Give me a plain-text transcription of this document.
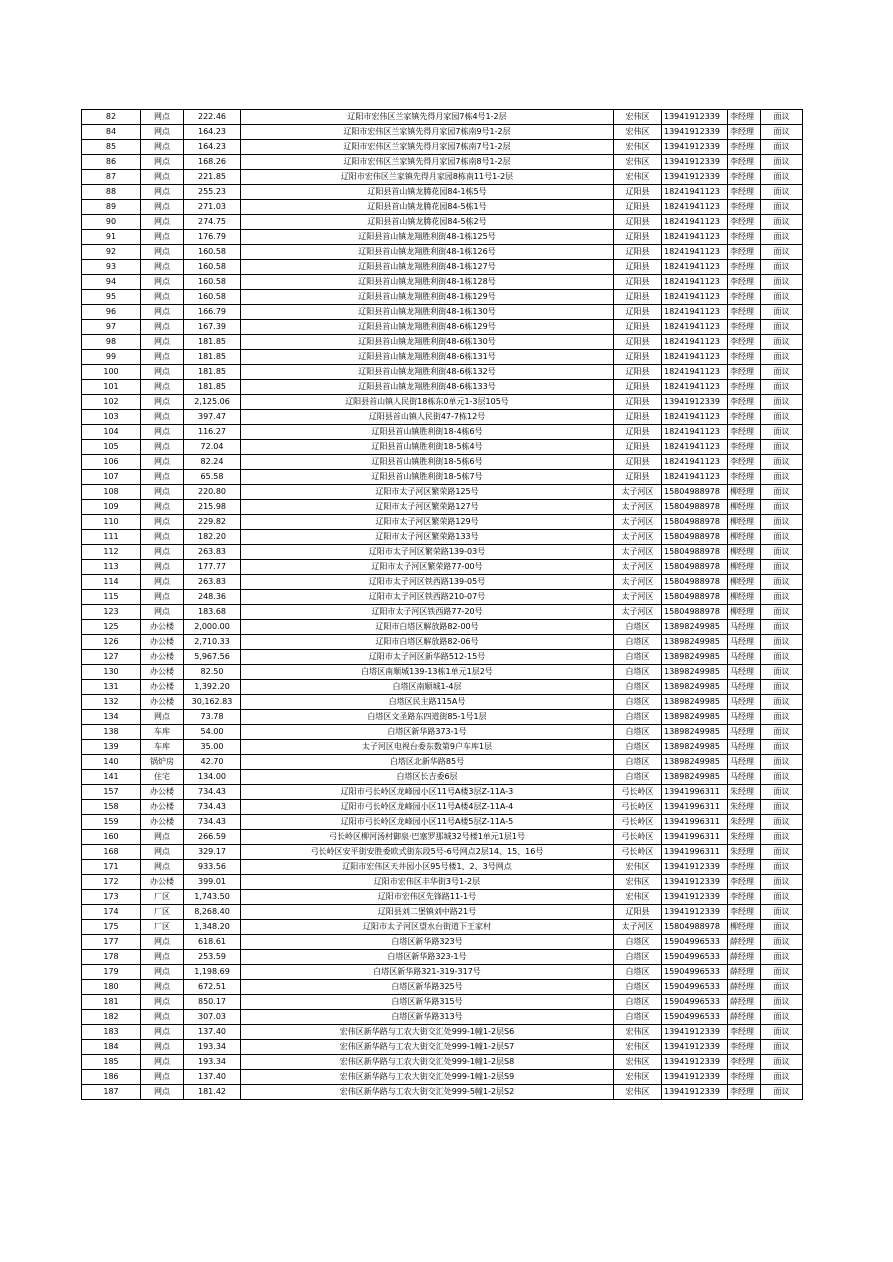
82	网点	222.46	辽阳市宏伟区兰家镇先得月家园7栋4号1-2层	宏伟区	13941912339	李经理	面议
84	网点	164.23	辽阳市宏伟区兰家镇先得月家园7栋南9号1-2层	宏伟区	13941912339	李经理	面议
85	网点	164.23	辽阳市宏伟区兰家镇先得月家园7栋南7号1-2层	宏伟区	13941912339	李经理	面议
86	网点	168.26	辽阳市宏伟区兰家镇先得月家园7栋南8号1-2层	宏伟区	13941912339	李经理	面议
87	网点	221.85	辽阳市宏伟区兰家镇先得月家园8栋南11号1-2层	宏伟区	13941912339	李经理	面议
88	网点	255.23	辽阳县首山镇龙腾花园84-1栋5号	辽阳县	18241941123	李经理	面议
89	网点	271.03	辽阳县首山镇龙腾花园84-5栋1号	辽阳县	18241941123	李经理	面议
90	网点	274.75	辽阳县首山镇龙腾花园84-5栋2号	辽阳县	18241941123	李经理	面议
91	网点	176.79	辽阳县首山镇龙翔胜利街48-1栋125号	辽阳县	18241941123	李经理	面议
92	网点	160.58	辽阳县首山镇龙翔胜利街48-1栋126号	辽阳县	18241941123	李经理	面议
93	网点	160.58	辽阳县首山镇龙翔胜利街48-1栋127号	辽阳县	18241941123	李经理	面议
94	网点	160.58	辽阳县首山镇龙翔胜利街48-1栋128号	辽阳县	18241941123	李经理	面议
95	网点	160.58	辽阳县首山镇龙翔胜利街48-1栋129号	辽阳县	18241941123	李经理	面议
96	网点	166.79	辽阳县首山镇龙翔胜利街48-1栋130号	辽阳县	18241941123	李经理	面议
97	网点	167.39	辽阳县首山镇龙翔胜利街48-6栋129号	辽阳县	18241941123	李经理	面议
98	网点	181.85	辽阳县首山镇龙翔胜利街48-6栋130号	辽阳县	18241941123	李经理	面议
99	网点	181.85	辽阳县首山镇龙翔胜利街48-6栋131号	辽阳县	18241941123	李经理	面议
100	网点	181.85	辽阳县首山镇龙翔胜利街48-6栋132号	辽阳县	18241941123	李经理	面议
101	网点	181.85	辽阳县首山镇龙翔胜利街48-6栋133号	辽阳县	18241941123	李经理	面议
102	网点	2,125.06	辽阳县首山镇人民街18栋东0单元1-3层105号	辽阳县	13941912339	李经理	面议
103	网点	397.47	辽阳县首山镇人民街47-7栋12号	辽阳县	18241941123	李经理	面议
104	网点	116.27	辽阳县首山镇胜利街18-4栋6号	辽阳县	18241941123	李经理	面议
105	网点	72.04	辽阳县首山镇胜利街18-5栋4号	辽阳县	18241941123	李经理	面议
106	网点	82.24	辽阳县首山镇胜利街18-5栋6号	辽阳县	18241941123	李经理	面议
107	网点	65.58	辽阳县首山镇胜利街18-5栋7号	辽阳县	18241941123	李经理	面议
108	网点	220.80	辽阳市太子河区繁荣路125号	太子河区	15804988978	柳经理	面议
109	网点	215.98	辽阳市太子河区繁荣路127号	太子河区	15804988978	柳经理	面议
110	网点	229.82	辽阳市太子河区繁荣路129号	太子河区	15804988978	柳经理	面议
111	网点	182.20	辽阳市太子河区繁荣路133号	太子河区	15804988978	柳经理	面议
112	网点	263.83	辽阳市太子河区繁荣路139-03号	太子河区	15804988978	柳经理	面议
113	网点	177.77	辽阳市太子河区繁荣路77-00号	太子河区	15804988978	柳经理	面议
114	网点	263.83	辽阳市太子河区铁西路139-05号	太子河区	15804988978	柳经理	面议
115	网点	248.36	辽阳市太子河区铁西路210-07号	太子河区	15804988978	柳经理	面议
123	网点	183.68	辽阳市太子河区铁西路77-20号	太子河区	15804988978	柳经理	面议
125	办公楼	2,000.00	辽阳市白塔区解放路82-00号	白塔区	13898249985	马经理	面议
126	办公楼	2,710.33	辽阳市白塔区解放路82-06号	白塔区	13898249985	马经理	面议
127	办公楼	5,967.56	辽阳市太子河区新华路512-15号	白塔区	13898249985	马经理	面议
130	办公楼	82.50	白塔区南顺城139-13栋1单元1层2号	白塔区	13898249985	马经理	面议
131	办公楼	1,392.20	白塔区南顺城1-4层	白塔区	13898249985	马经理	面议
132	办公楼	30,162.83	白塔区民主路115A号	白塔区	13898249985	马经理	面议
134	网点	73.78	白塔区文圣路东四道街85-1号1层	白塔区	13898249985	马经理	面议
138	车库	54.00	白塔区新华路373-1号	白塔区	13898249985	马经理	面议
139	车库	35.00	太子河区电视台委东数第9户车库1层	白塔区	13898249985	马经理	面议
140	锅炉房	42.70	白塔区北新华路85号	白塔区	13898249985	马经理	面议
141	住宅	134.00	白塔区长吉委6层	白塔区	13898249985	马经理	面议
157	办公楼	734.43	辽阳市弓长岭区龙峰园小区11号A楼3层Z-11A-3	弓长岭区	13941996311	朱经理	面议
158	办公楼	734.43	辽阳市弓长岭区龙峰园小区11号A楼4层Z-11A-4	弓长岭区	13941996311	朱经理	面议
159	办公楼	734.43	辽阳市弓长岭区龙峰园小区11号A楼5层Z-11A-5	弓长岭区	13941996311	朱经理	面议
160	网点	266.59	弓长岭区柳河汤村御泉·巴塞罗那城32号楼1单元1层1号	弓长岭区	13941996311	朱经理	面议
168	网点	329.17	弓长岭区安平街安胜委欧式街东段5号-6号网点2层14、15、16号	弓长岭区	13941996311	朱经理	面议
171	网点	933.56	辽阳市宏伟区天井园小区95号楼1、2、3号网点	宏伟区	13941912339	李经理	面议
172	办公楼	399.01	辽阳市宏伟区丰华街3号1-2层	宏伟区	13941912339	李经理	面议
173	厂区	1,743.50	辽阳市宏伟区先锋路11-1号	宏伟区	13941912339	李经理	面议
174	厂区	8,268.40	辽阳县刘二堡镇刘中路21号	辽阳县	13941912339	李经理	面议
175	厂区	1,348.20	辽阳市太子河区望水台街道下王家村	太子河区	15804988978	柳经理	面议
177	网点	618.61	白塔区新华路323号	白塔区	15904996533	薛经理	面议
178	网点	253.59	白塔区新华路323-1号	白塔区	15904996533	薛经理	面议
179	网点	1,198.69	白塔区新华路321-319-317号	白塔区	15904996533	薛经理	面议
180	网点	672.51	白塔区新华路325号	白塔区	15904996533	薛经理	面议
181	网点	850.17	白塔区新华路315号	白塔区	15904996533	薛经理	面议
182	网点	307.03	白塔区新华路313号	白塔区	15904996533	薛经理	面议
183	网点	137.40	宏伟区新华路与工农大街交汇处999-1幢1-2层S6	宏伟区	13941912339	李经理	面议
184	网点	193.34	宏伟区新华路与工农大街交汇处999-1幢1-2层S7	宏伟区	13941912339	李经理	面议
185	网点	193.34	宏伟区新华路与工农大街交汇处999-1幢1-2层S8	宏伟区	13941912339	李经理	面议
186	网点	137.40	宏伟区新华路与工农大街交汇处999-1幢1-2层S9	宏伟区	13941912339	李经理	面议
187	网点	181.42	宏伟区新华路与工农大街交汇处999-5幢1-2层S2	宏伟区	13941912339	李经理	面议
